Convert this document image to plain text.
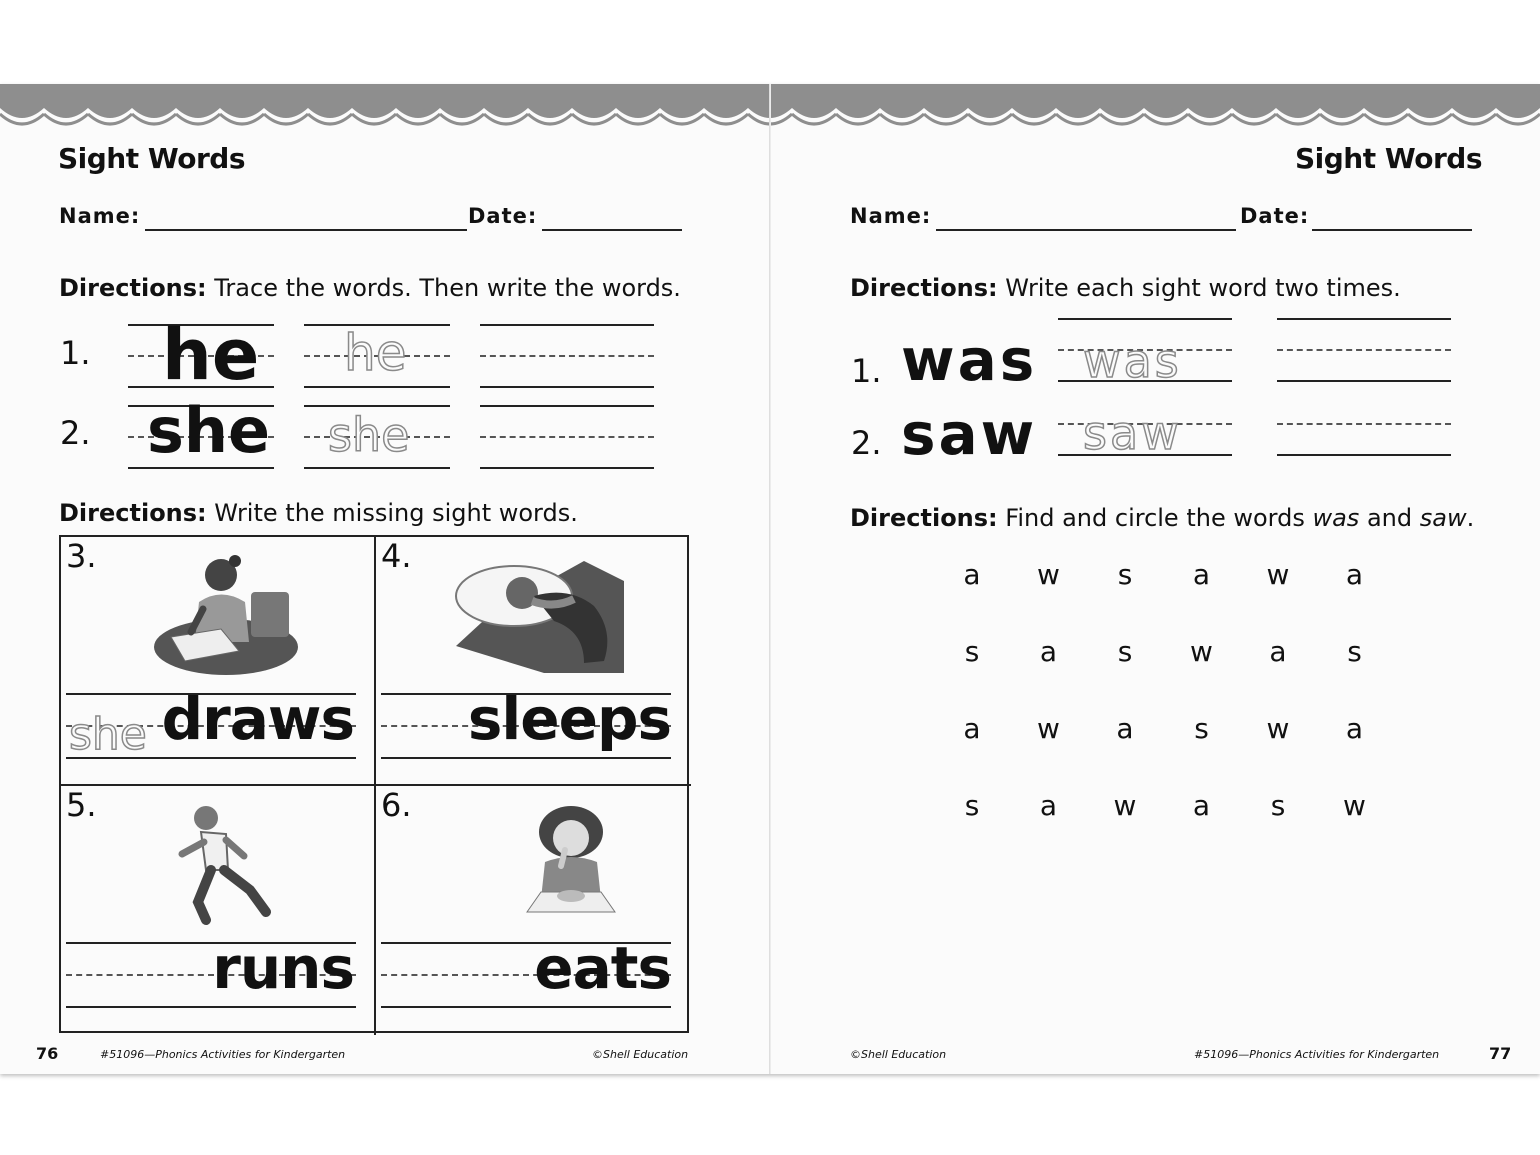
Sight Words
Name:	Date:
Directions: Trace the words. Then write the words.
1. he he
2. she she
Directions: Write the missing sight words.
3.
she draws
4.
sleeps
5.
runs
6.
eats
76	#51096—Phonics Activities for Kindergarten	©Shell Education
Sight Words
Name:	Date:
Directions: Write each sight word two times.
1. was was
2. saw saw
Directions: Find and circle the words was and saw.
a	w	s	a	w	a
s	a	s	w	a	s
a	w	a	s	w	a
s	a	w	a	s	w
©Shell Education	#51096—Phonics Activities for Kindergarten	77
